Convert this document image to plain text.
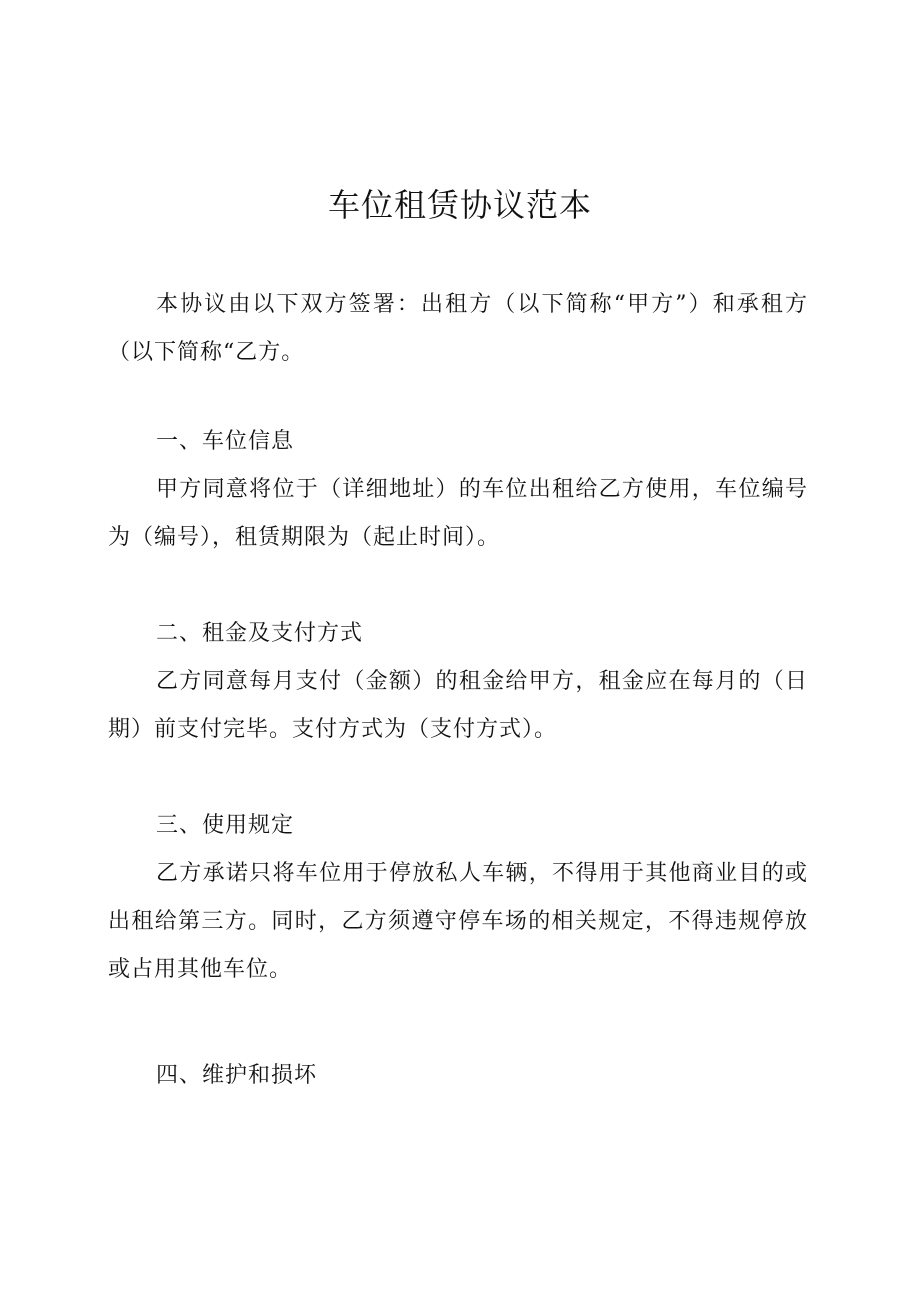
车位租赁协议范本
本协议由以下双方签署：出租方（以下简称“甲方”）和承租方（以下简称“乙方。
一、车位信息
甲方同意将位于（详细地址）的车位出租给乙方使用，车位编号为（编号），租赁期限为（起止时间）。
二、租金及支付方式
乙方同意每月支付（金额）的租金给甲方，租金应在每月的（日期）前支付完毕。支付方式为（支付方式）。
三、使用规定
乙方承诺只将车位用于停放私人车辆，不得用于其他商业目的或出租给第三方。同时，乙方须遵守停车场的相关规定，不得违规停放或占用其他车位。
四、维护和损坏
